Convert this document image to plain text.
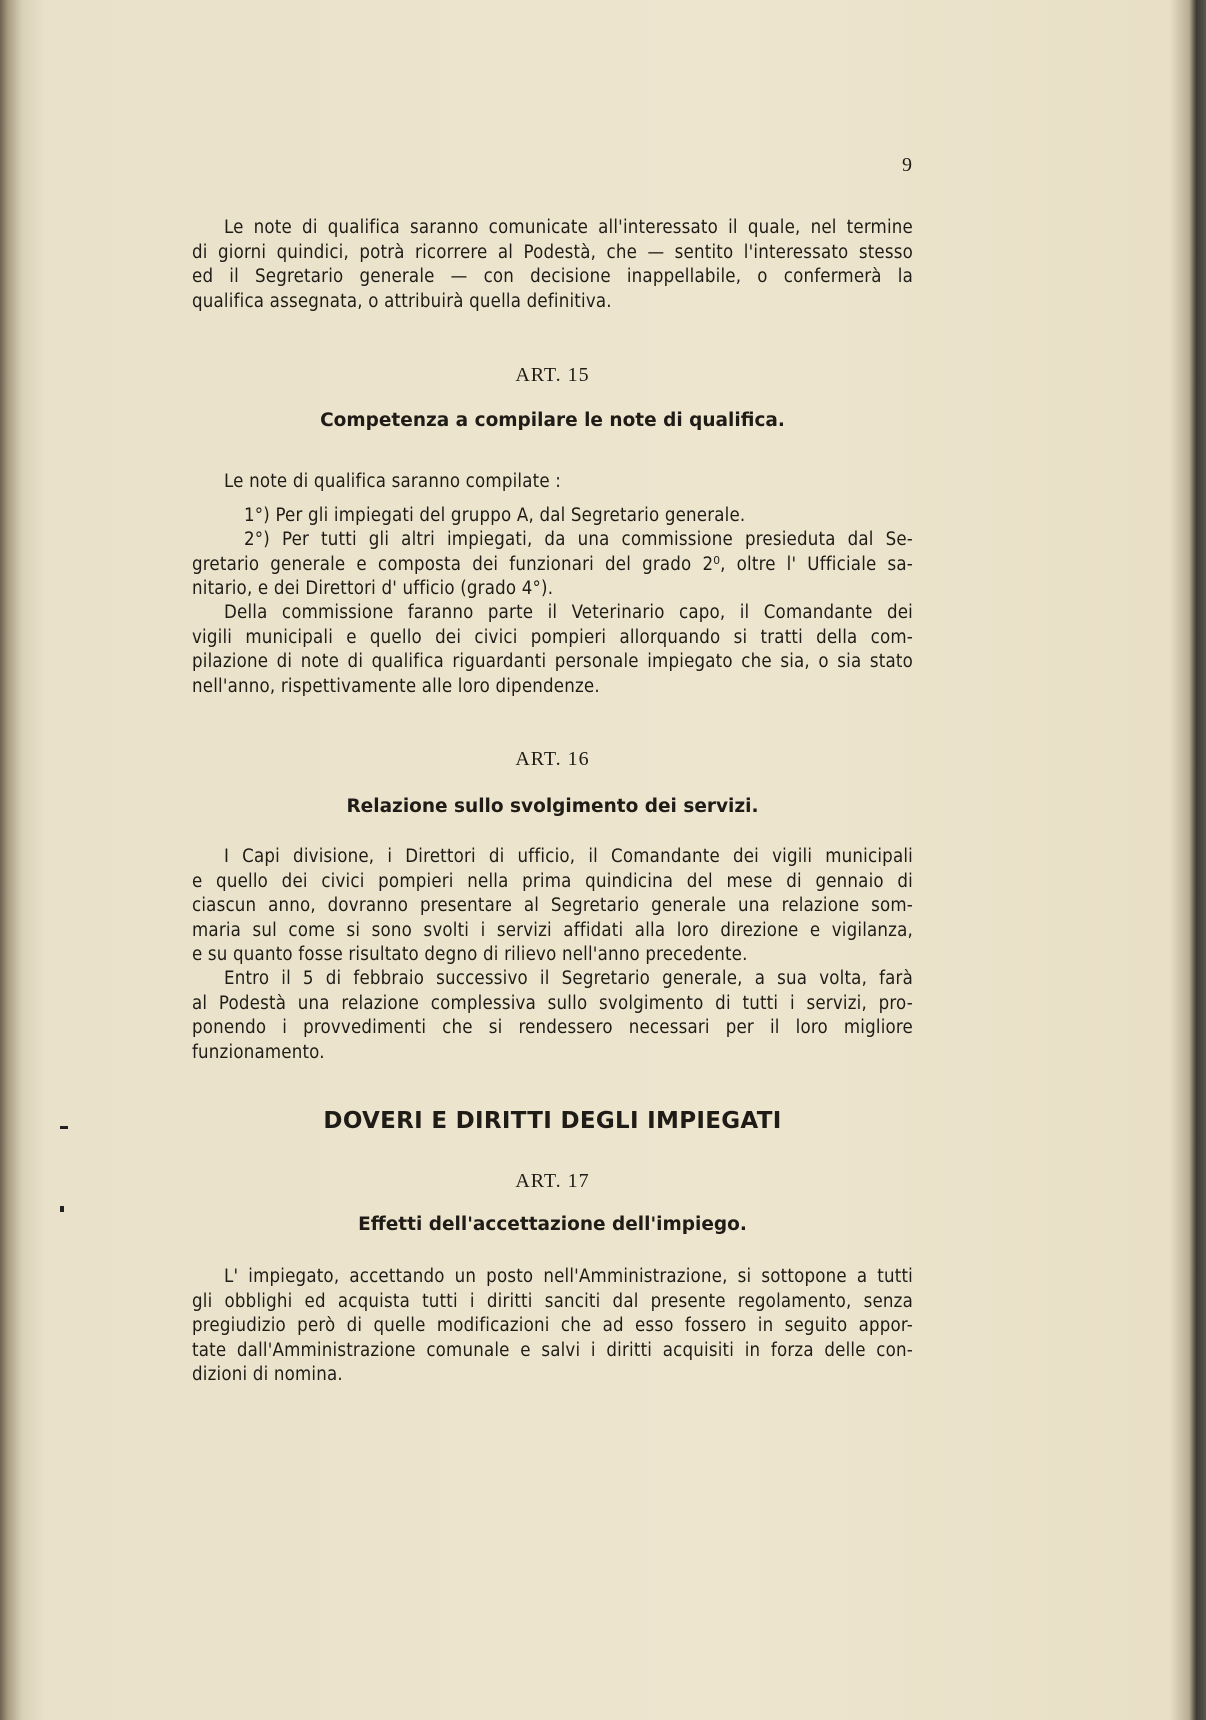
9
Le note di qualifica saranno comunicate all'interessato il quale, nel termine
di giorni quindici, potrà ricorrere al Podestà, che — sentito l'interessato stesso
ed il Segretario generale — con decisione inappellabile, o confermerà la
qualifica assegnata, o attribuirà quella definitiva.
ART. 15
Competenza a compilare le note di qualifica.
Le note di qualifica saranno compilate :
1°) Per gli impiegati del gruppo A, dal Segretario generale.
2°) Per tutti gli altri impiegati, da una commissione presieduta dal Se-
gretario generale e composta dei funzionari del grado 2⁰, oltre l' Ufficiale sa-
nitario, e dei Direttori d' ufficio (grado 4°).
Della commissione faranno parte il Veterinario capo, il Comandante dei
vigili municipali e quello dei civici pompieri allorquando si tratti della com-
pilazione di note di qualifica riguardanti personale impiegato che sia, o sia stato
nell'anno, rispettivamente alle loro dipendenze.
ART. 16
Relazione sullo svolgimento dei servizi.
I Capi divisione, i Direttori di ufficio, il Comandante dei vigili municipali
e quello dei civici pompieri nella prima quindicina del mese di gennaio di
ciascun anno, dovranno presentare al Segretario generale una relazione som-
maria sul come si sono svolti i servizi affidati alla loro direzione e vigilanza,
e su quanto fosse risultato degno di rilievo nell'anno precedente.
Entro il 5 di febbraio successivo il Segretario generale, a sua volta, farà
al Podestà una relazione complessiva sullo svolgimento di tutti i servizi, pro-
ponendo i provvedimenti che si rendessero necessari per il loro migliore
funzionamento.
DOVERI E DIRITTI DEGLI IMPIEGATI
ART. 17
Effetti dell'accettazione dell'impiego.
L' impiegato, accettando un posto nell'Amministrazione, si sottopone a tutti
gli obblighi ed acquista tutti i diritti sanciti dal presente regolamento, senza
pregiudizio però di quelle modificazioni che ad esso fossero in seguito appor-
tate dall'Amministrazione comunale e salvi i diritti acquisiti in forza delle con-
dizioni di nomina.
